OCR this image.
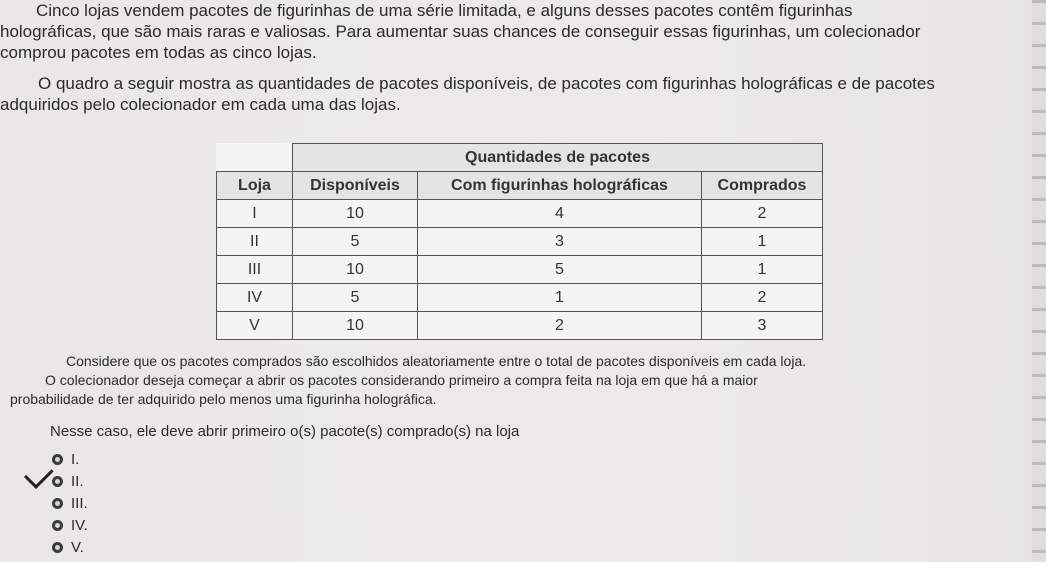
Cinco lojas vendem pacotes de figurinhas de uma série limitada, e alguns desses pacotes contêm figurinhas
holográficas, que são mais raras e valiosas. Para aumentar suas chances de conseguir essas figurinhas, um colecionador
comprou pacotes em todas as cinco lojas.
O quadro a seguir mostra as quantidades de pacotes disponíveis, de pacotes com figurinhas holográficas e de pacotes
adquiridos pelo colecionador em cada uma das lojas.
	Quantidades de pacotes		
Loja	Disponíveis	Com figurinhas holográficas	Comprados
I	10	4	2
II	5	3	1
III	10	5	1
IV	5	1	2
V	10	2	3
Considere que os pacotes comprados são escolhidos aleatoriamente entre o total de pacotes disponíveis em cada loja.
O colecionador deseja começar a abrir os pacotes considerando primeiro a compra feita na loja em que há a maior
probabilidade de ter adquirido pelo menos uma figurinha holográfica.
Nesse caso, ele deve abrir primeiro o(s) pacote(s) comprado(s) na loja
I.
II.
III.
IV.
V.
